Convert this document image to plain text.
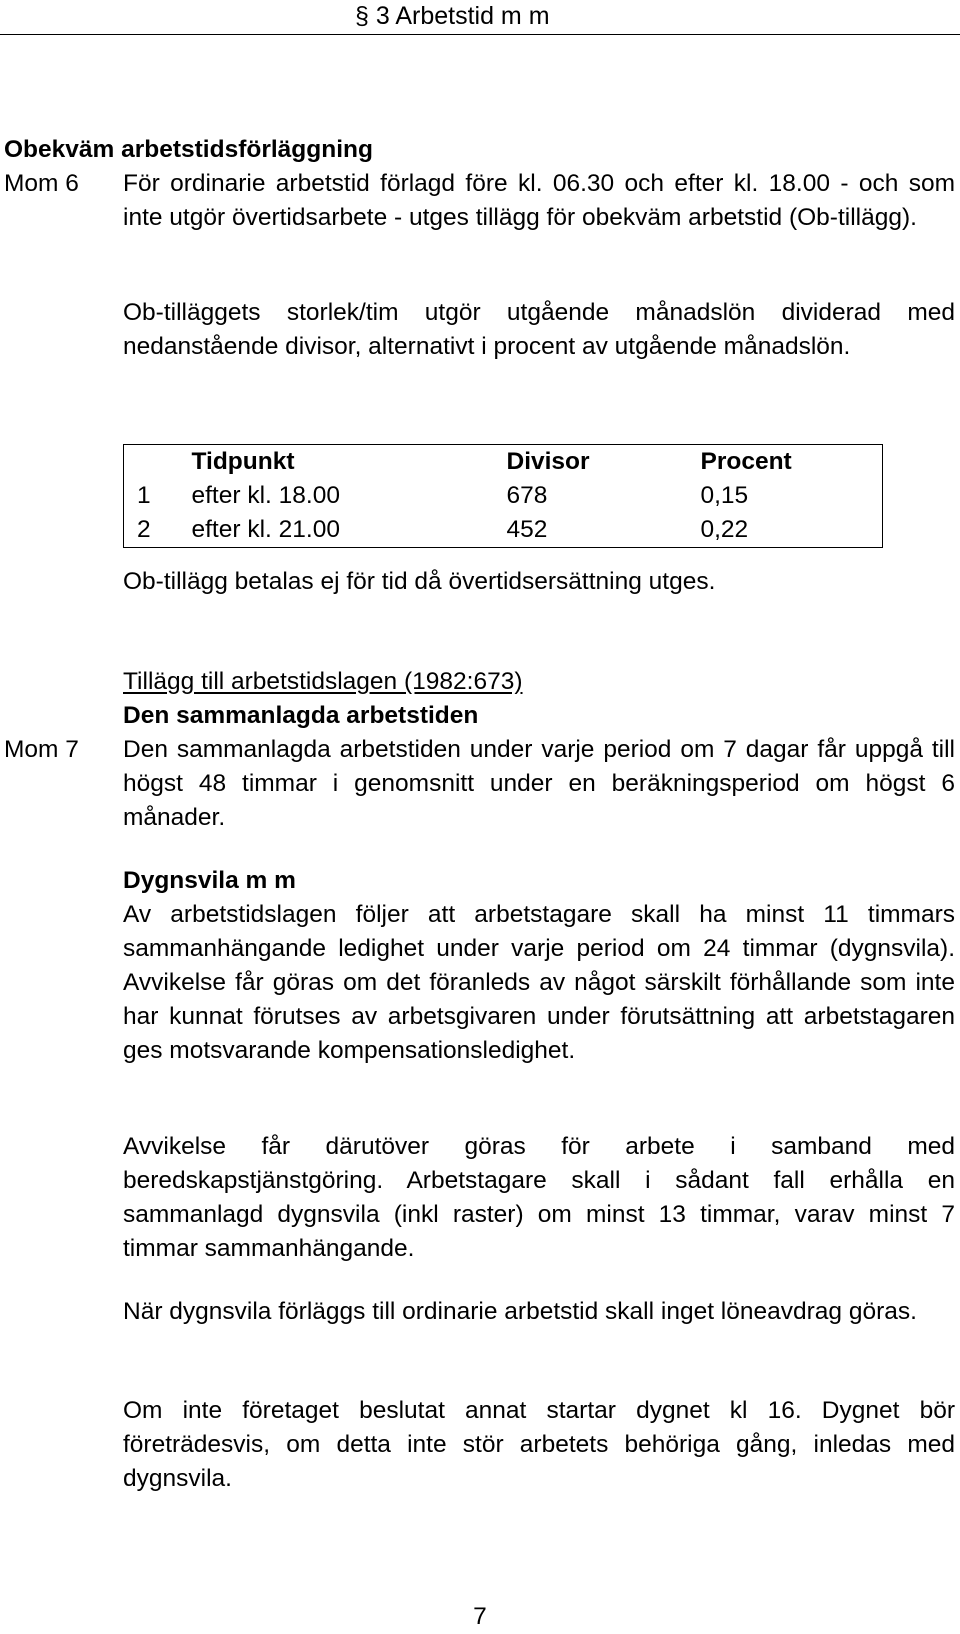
§ 3 Arbetstid m m
Obekväm arbetstidsförläggning
Mom 6 För ordinarie arbetstid förlagd före kl. 06.30 och efter kl. 18.00 - och som inte utgör övertidsarbete - utges tillägg för obekväm arbetstid (Ob-tillägg).
Ob-tilläggets storlek/tim utgör utgående månadslön dividerad med nedanstående divisor, alternativt i procent av utgående månadslön.
	Tidpunkt	Divisor	Procent
1	efter kl. 18.00	678	0,15
2	efter kl. 21.00	452	0,22
Ob-tillägg betalas ej för tid då övertidsersättning utges.
Tillägg till arbetstidslagen (1982:673)
Den sammanlagda arbetstiden
Mom 7 Den sammanlagda arbetstiden under varje period om 7 dagar får uppgå till högst 48 timmar i genomsnitt under en beräkningsperiod om högst 6 månader.
Dygnsvila m m
Av arbetstidslagen följer att arbetstagare skall ha minst 11 timmars sammanhängande ledighet under varje period om 24 timmar (dygnsvila). Avvikelse får göras om det föranleds av något särskilt förhållande som inte har kunnat förutses av arbetsgivaren under förutsättning att arbetstagaren ges motsvarande kompensationsledighet.
Avvikelse får därutöver göras för arbete i samband med beredskapstjänstgöring. Arbetstagare skall i sådant fall erhålla en sammanlagd dygnsvila (inkl raster) om minst 13 timmar, varav minst 7 timmar sammanhängande.
När dygnsvila förläggs till ordinarie arbetstid skall inget löneavdrag göras.
Om inte företaget beslutat annat startar dygnet kl 16. Dygnet bör företrädesvis, om detta inte stör arbetets behöriga gång, inledas med dygnsvila.
7
